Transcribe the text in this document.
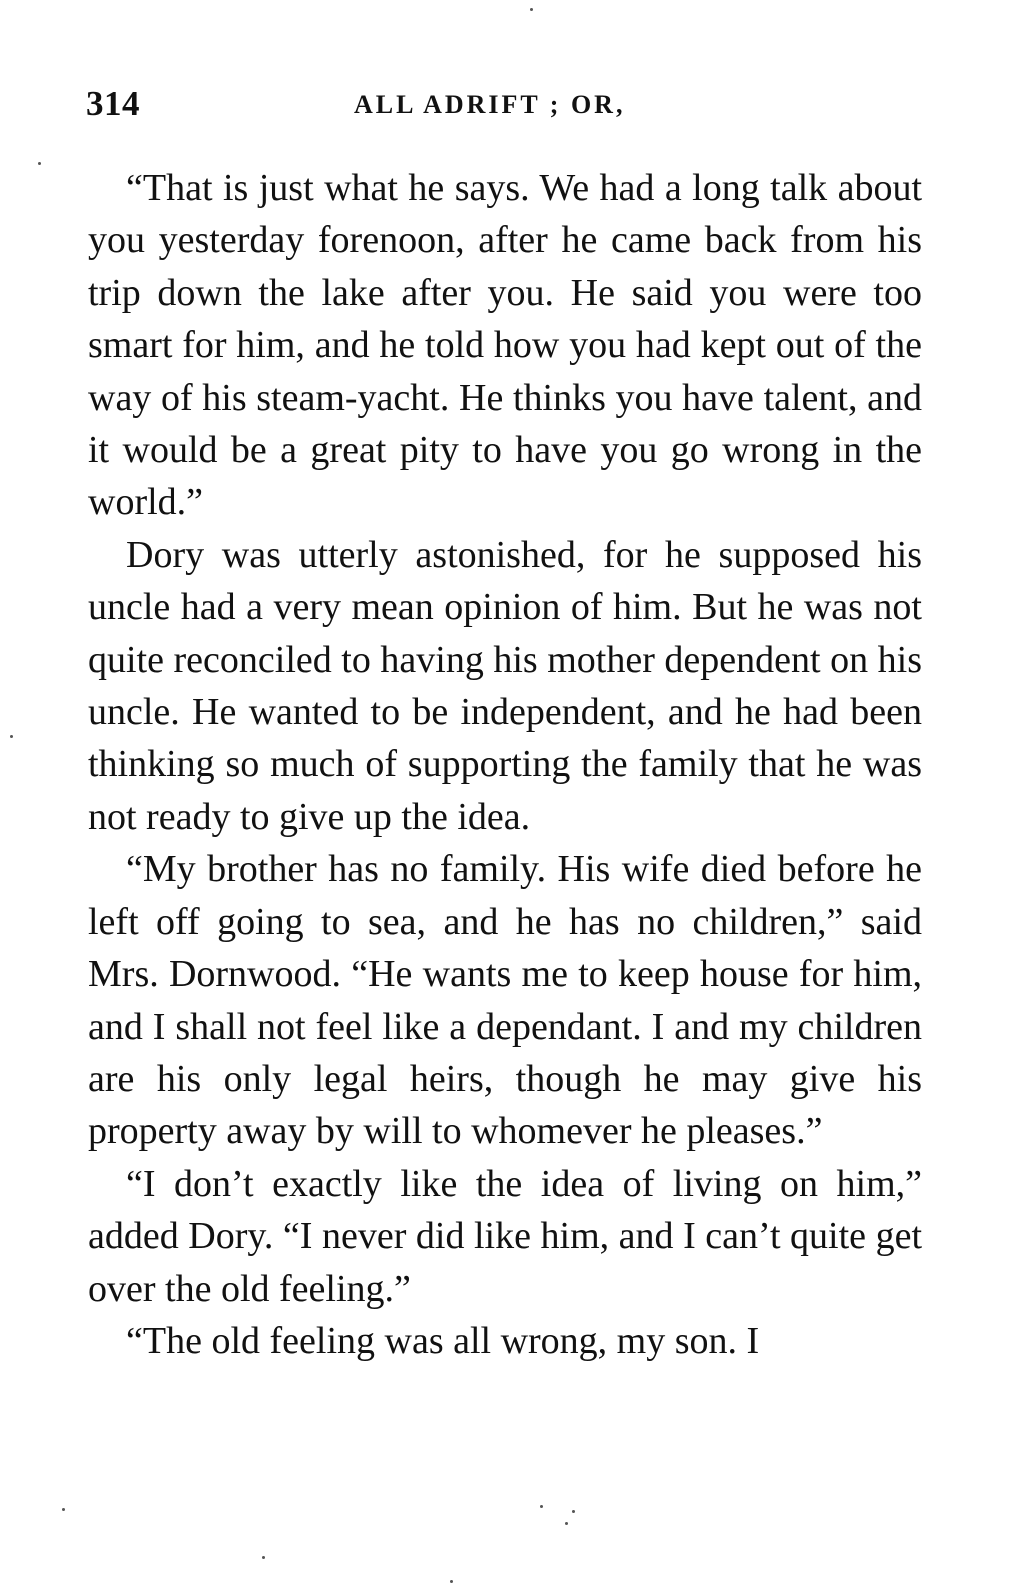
314	ALL ADRIFT ; OR,

“That is just what he says. We had a long talk about you yesterday forenoon, after he came back from his trip down the lake after you. He said you were too smart for him, and he told how you had kept out of the way of his steam-yacht. He thinks you have talent, and it would be a great pity to have you go wrong in the world.”

Dory was utterly astonished, for he supposed his uncle had a very mean opinion of him. But he was not quite reconciled to having his mother dependent on his uncle. He wanted to be independent, and he had been thinking so much of supporting the family that he was not ready to give up the idea.

“My brother has no family. His wife died before he left off going to sea, and he has no children,” said Mrs. Dornwood. “He wants me to keep house for him, and I shall not feel like a dependant. I and my children are his only legal heirs, though he may give his property away by will to whomever he pleases.”

“I don’t exactly like the idea of living on him,” added Dory. “I never did like him, and I can’t quite get over the old feeling.”

“The old feeling was all wrong, my son. I
